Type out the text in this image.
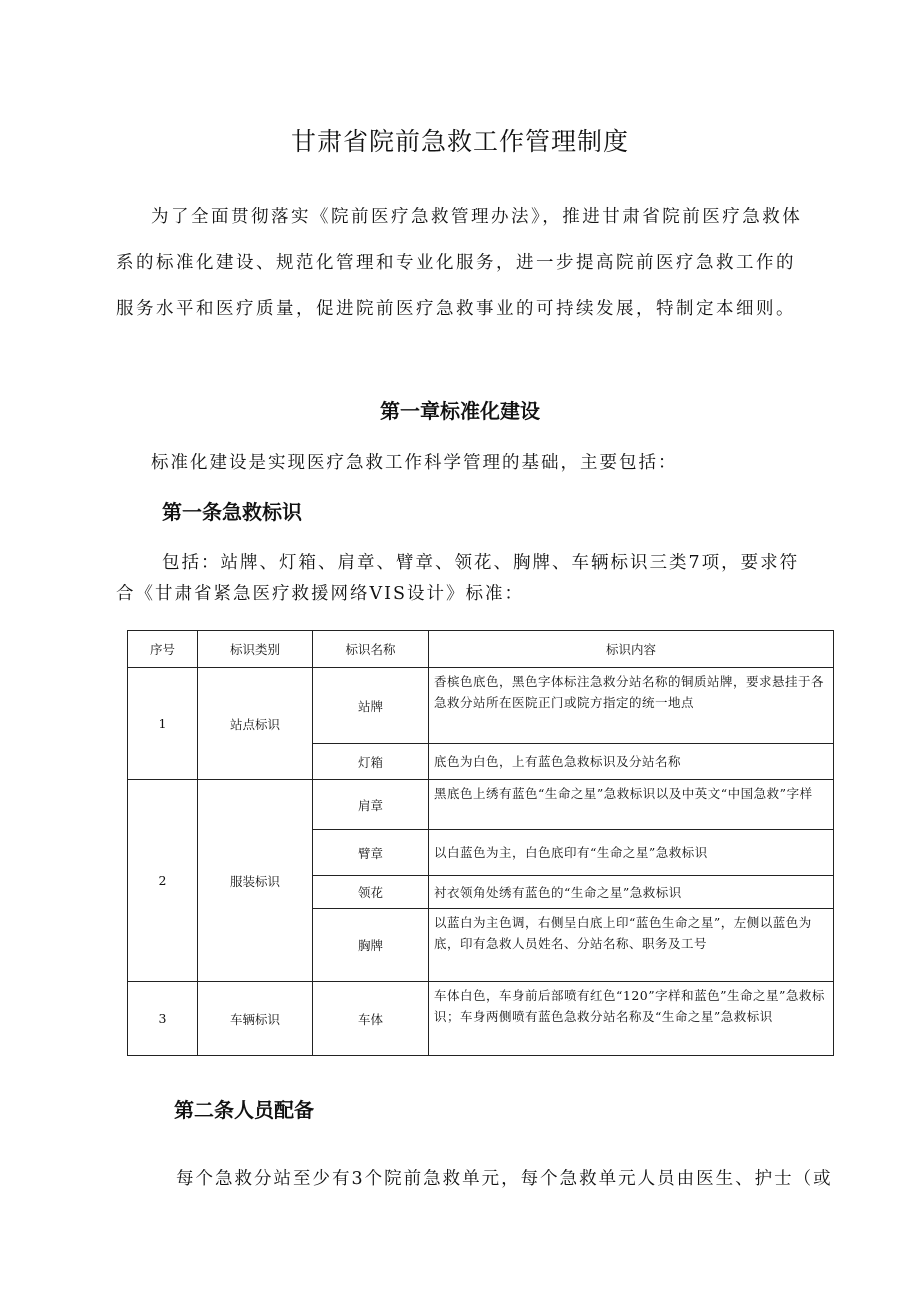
甘肃省院前急救工作管理制度

为了全面贯彻落实《院前医疗急救管理办法》，推进甘肃省院前医疗急救体系的标准化建设、规范化管理和专业化服务，进一步提高院前医疗急救工作的服务水平和医疗质量，促进院前医疗急救事业的可持续发展，特制定本细则。

第一章标准化建设
标准化建设是实现医疗急救工作科学管理的基础，主要包括：
第一条急救标识
包括：站牌、灯箱、肩章、臂章、领花、胸牌、车辆标识三类7项，要求符
合《甘肃省紧急医疗救援网络VIS设计》标准：
序号	标识类别	标识名称	标识内容
1	站点标识	站牌	香槟色底色，黑色字体标注急救分站名称的铜质站牌，要求悬挂于各急救分站所在医院正门或院方指定的统一地点
		灯箱	底色为白色，上有蓝色急救标识及分站名称
2	服装标识	肩章	黑底色上绣有蓝色“生命之星”急救标识以及中英文“中国急救”字样
		臂章	以白蓝色为主，白色底印有“生命之星”急救标识
		领花	衬衣领角处绣有蓝色的“生命之星”急救标识
		胸牌	以蓝白为主色调，右侧呈白底上印“蓝色生命之星”，左侧以蓝色为底，印有急救人员姓名、分站名称、职务及工号
3	车辆标识	车体	车体白色，车身前后部喷有红色“120”字样和蓝色”生命之星”急救标识；车身两侧喷有蓝色急救分站名称及“生命之星”急救标识
第二条人员配备
每个急救分站至少有3个院前急救单元，每个急救单元人员由医生、护士（或
